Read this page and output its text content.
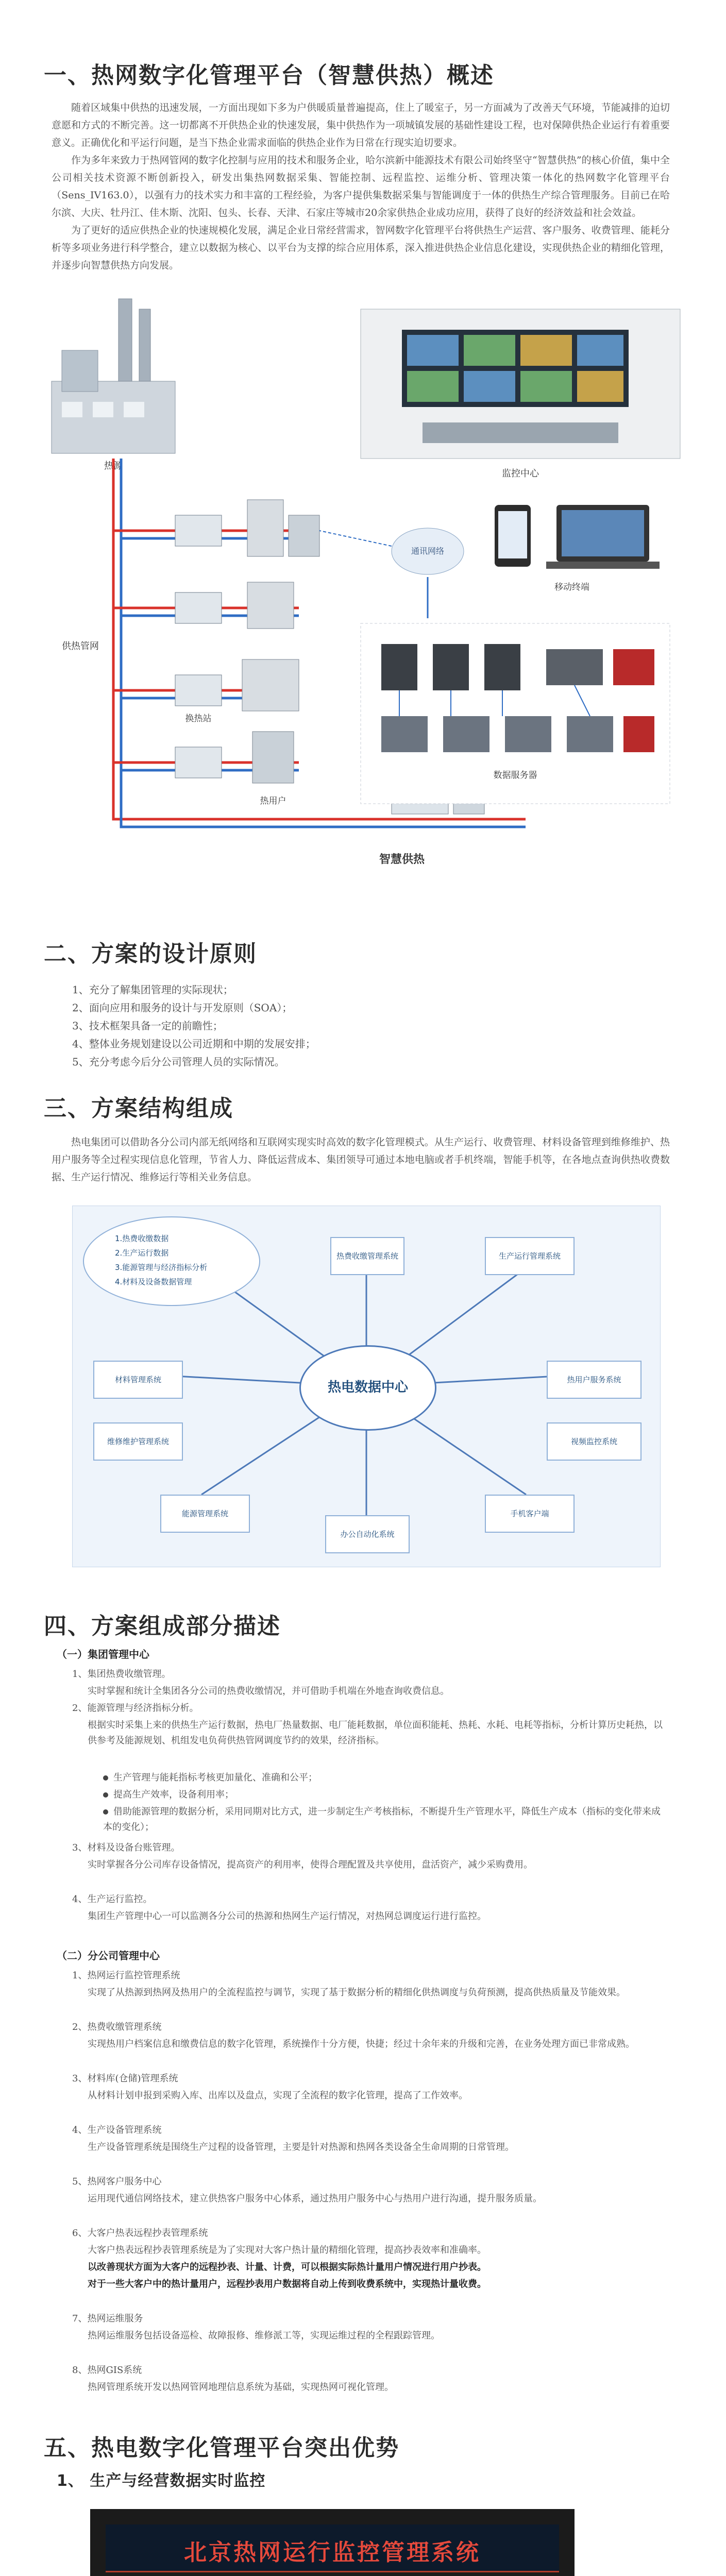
一、热网数字化管理平台（智慧供热）概述
随着区域集中供热的迅速发展，一方面出现如下多为户供暖质量普遍提高，住上了暖室子，另一方面减为了改善天气环境，节能减排的迫切意愿和方式的不断完善。这一切都离不开供热企业的快速发展，集中供热作为一项城镇发展的基础性建设工程，也对保障供热企业运行有着重要意义。正确优化和平运行问题，是当下热企业需求面临的供热企业作为日常在行现实迫切要求。
作为多年来致力于热网管网的数字化控制与应用的技术和服务企业，哈尔滨新中能源技术有限公司始终坚守“智慧供热”的核心价值，集中全公司相关技术资源不断创新投入，研发出集热网数据采集、智能控制、远程监控、运维分析、管理决策一体化的热网数字化管理平台（Sens_IV163.0），以强有力的技术实力和丰富的工程经验，为客户提供集数据采集与智能调度于一体的供热生产综合管理服务。目前已在哈尔滨、大庆、牡丹江、佳木斯、沈阳、包头、长春、天津、石家庄等城市20余家供热企业成功应用，获得了良好的经济效益和社会效益。
为了更好的适应供热企业的快速规模化发展，满足企业日常经营需求，智网数字化管理平台将供热生产运营、客户服务、收费管理、能耗分析等多项业务进行科学整合，建立以数据为核心、以平台为支撑的综合应用体系，深入推进供热企业信息化建设，实现供热企业的精细化管理，并逐步向智慧供热方向发展。
热源
供热管网
换热站
热用户
监控中心
通讯网络
移动终端
数据服务器
智慧供热
二、方案的设计原则
1、充分了解集团管理的实际现状；
2、面向应用和服务的设计与开发原则（SOA）；
3、技术框架具备一定的前瞻性；
4、整体业务规划建设以公司近期和中期的发展安排；
5、充分考虑今后分公司管理人员的实际情况。
三、方案结构组成
热电集团可以借助各分公司内部无纸网络和互联网实现实时高效的数字化管理模式。从生产运行、收费管理、材料设备管理到维修维护、热用户服务等全过程实现信息化管理，节省人力、降低运营成本、集团领导可通过本地电脑或者手机终端，智能手机等，在各地点查询供热收费数据、生产运行情况、维修运行等相关业务信息。
1.热费收缴数据
2.生产运行数据
3.能源管理与经济指标分析
4.材料及设备数据管理
热电数据中心
热费收缴管理系统	生产运行管理系统
材料管理系统	热用户服务系统
维修维护管理系统	视频监控系统
能源管理系统
办公自动化系统
手机客户端
四、方案组成部分描述
（一）集团管理中心
1、集团热费收缴管理。
实时掌握和统计全集团各分公司的热费收缴情况，并可借助手机端在外地查询收费信息。
2、能源管理与经济指标分析。
根据实时采集上来的供热生产运行数据，热电厂热量数据、电厂能耗数据，单位面积能耗、热耗、水耗、电耗等指标，分析计算历史耗热，以供参考及能源规划、机组发电负荷供热管网调度节约的效果，经济指标。
生产管理与能耗指标考核更加量化、准确和公平；
提高生产效率，设备利用率；
借助能源管理的数据分析，采用同期对比方式，进一步制定生产考核指标，不断提升生产管理水平，降低生产成本（指标的变化带来成本的变化）；
3、材料及设备台账管理。
实时掌握各分公司库存设备情况，提高资产的利用率，使得合理配置及共享使用，盘活资产，减少采购费用。
4、生产运行监控。
集团生产管理中心一可以监测各分公司的热源和热网生产运行情况，对热网总调度运行进行监控。
（二）分公司管理中心
1、热网运行监控管理系统
实现了从热源到热网及热用户的全流程监控与调节，实现了基于数据分析的精细化供热调度与负荷预测，提高供热质量及节能效果。
2、热费收缴管理系统
实现热用户档案信息和缴费信息的数字化管理，系统操作十分方便，快捷；经过十余年来的升级和完善，在业务处理方面已非常成熟。
3、材料库(仓储)管理系统
从材料计划申报到采购入库、出库以及盘点，实现了全流程的数字化管理，提高了工作效率。
4、生产设备管理系统
生产设备管理系统是围绕生产过程的设备管理，主要是针对热源和热网各类设备全生命周期的日常管理。
5、热网客户服务中心
运用现代通信网络技术，建立供热客户服务中心体系，通过热用户服务中心与热用户进行沟通，提升服务质量。
6、大客户热表远程抄表管理系统
大客户热表远程抄表管理系统是为了实现对大客户热计量的精细化管理，提高抄表效率和准确率。
以改善现状方面为大客户的远程抄表、计量、计费，可以根据实际热计量用户情况进行用户抄表。
对于一些大客户中的热计量用户，远程抄表用户数据将自动上传到收费系统中，实现热计量收费。
7、热网运维服务
热网运维服务包括设备巡检、故障报修、维修派工等，实现运维过程的全程跟踪管理。
8、热网GIS系统
热网管理系统开发以热网管网地理信息系统为基础，实现热网可视化管理。
五、热电数字化管理平台突出优势
1、 生产与经营数据实时监控
北京热网运行监控管理系统
